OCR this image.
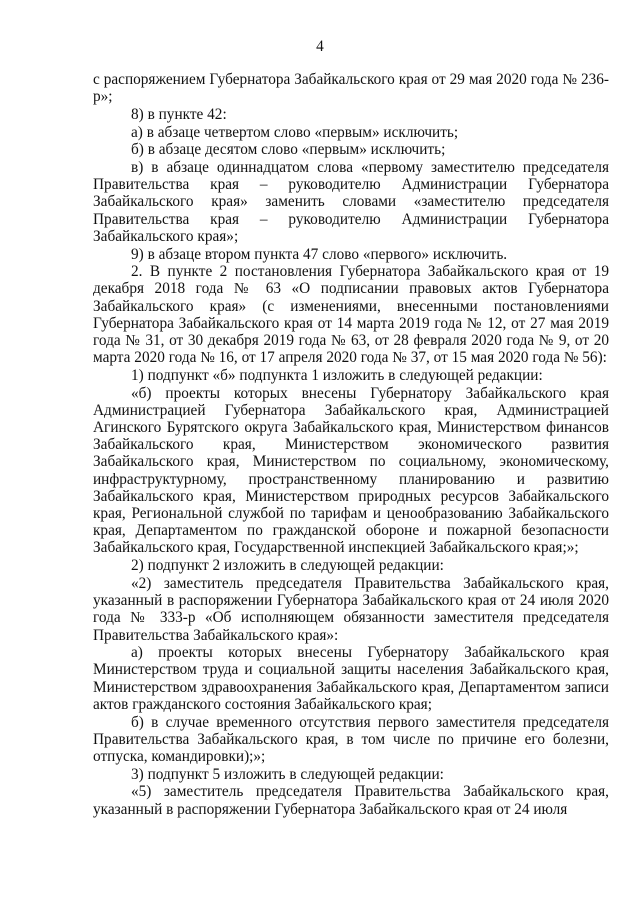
4

с распоряжением Губернатора Забайкальского края от 29 мая 2020 года № 236-р»;

8) в пункте 42:

а) в абзаце четвертом слово «первым» исключить;

б) в абзаце десятом слово «первым» исключить;

в) в абзаце одиннадцатом слова «первому заместителю председателя Правительства края – руководителю Администрации Губернатора Забайкальского края» заменить словами «заместителю председателя Правительства края – руководителю Администрации Губернатора Забайкальского края»;

9) в абзаце втором пункта 47 слово «первого» исключить.

2. В пункте 2 постановления Губернатора Забайкальского края от 19 декабря 2018 года № 63 «О подписании правовых актов Губернатора Забайкальского края» (с изменениями, внесенными постановлениями Губернатора Забайкальского края от 14 марта 2019 года № 12, от 27 мая 2019 года № 31, от 30 декабря 2019 года № 63, от 28 февраля 2020 года № 9, от 20 марта 2020 года № 16, от 17 апреля 2020 года № 37, от 15 мая 2020 года № 56):

1) подпункт «б» подпункта 1 изложить в следующей редакции:

«б) проекты которых внесены Губернатору Забайкальского края Администрацией Губернатора Забайкальского края, Администрацией Агинского Бурятского округа Забайкальского края, Министерством финансов Забайкальского края, Министерством экономического развития Забайкальского края, Министерством по социальному, экономическому, инфраструктурному, пространственному планированию и развитию Забайкальского края, Министерством природных ресурсов Забайкальского края, Региональной службой по тарифам и ценообразованию Забайкальского края, Департаментом по гражданской обороне и пожарной безопасности Забайкальского края, Государственной инспекцией Забайкальского края;»;

2) подпункт 2 изложить в следующей редакции:

«2) заместитель председателя Правительства Забайкальского края, указанный в распоряжении Губернатора Забайкальского края от 24 июля 2020 года № 333-р «Об исполняющем обязанности заместителя председателя Правительства Забайкальского края»:

а) проекты которых внесены Губернатору Забайкальского края Министерством труда и социальной защиты населения Забайкальского края, Министерством здравоохранения Забайкальского края, Департаментом записи актов гражданского состояния Забайкальского края;

б) в случае временного отсутствия первого заместителя председателя Правительства Забайкальского края, в том числе по причине его болезни, отпуска, командировки);»;

3) подпункт 5 изложить в следующей редакции:

«5) заместитель председателя Правительства Забайкальского края, указанный в распоряжении Губернатора Забайкальского края от 24 июля
